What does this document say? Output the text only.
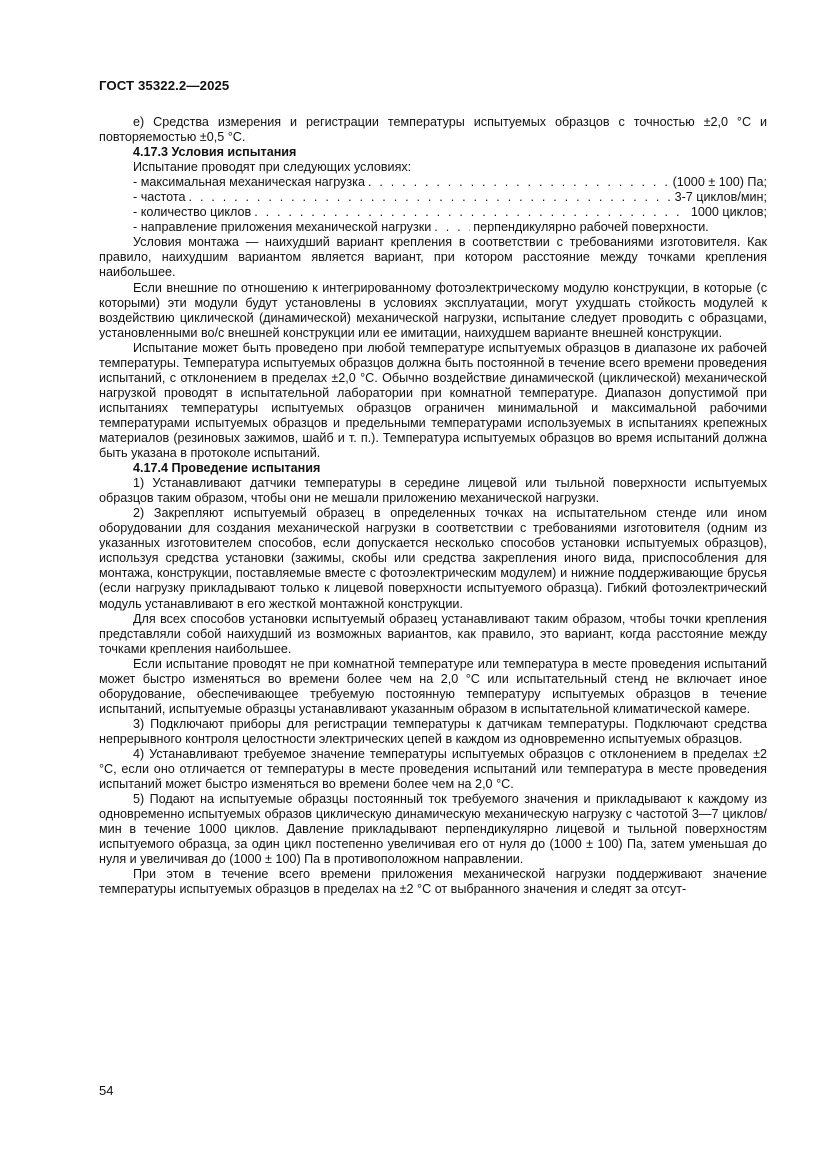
ГОСТ 35322.2—2025

е) Средства измерения и регистрации температуры испытуемых образцов с точностью ±2,0 °С и повторяемостью ±0,5 °С.

4.17.3 Условия испытания

Испытание проводят при следующих условиях:

- максимальная механическая нагрузка . . .	(1000 ± 100) Па;
- частота . . .	3-7 циклов/мин;
- количество циклов . . .	1000 циклов;
- направление приложения механической нагрузки . . .	перпендикулярно рабочей поверхности.

Условия монтажа — наихудший вариант крепления в соответствии с требованиями изготовителя. Как правило, наихудшим вариантом является вариант, при котором расстояние между точками крепления наибольшее.

Если внешние по отношению к интегрированному фотоэлектрическому модулю конструкции, в которые (с которыми) эти модули будут установлены в условиях эксплуатации, могут ухудшать стойкость модулей к воздействию циклической (динамической) механической нагрузки, испытание следует проводить с образцами, установленными во/с внешней конструкции или ее имитации, наихудшем варианте внешней конструкции.

Испытание может быть проведено при любой температуре испытуемых образцов в диапазоне их рабочей температуры. Температура испытуемых образцов должна быть постоянной в течение всего времени проведения испытаний, с отклонением в пределах ±2,0 °С. Обычно воздействие динамической (циклической) механической нагрузкой проводят в испытательной лаборатории при комнатной температуре. Диапазон допустимой при испытаниях температуры испытуемых образцов ограничен минимальной и максимальной рабочими температурами испытуемых образцов и предельными температурами используемых в испытаниях крепежных материалов (резиновых зажимов, шайб и т. п.). Температура испытуемых образцов во время испытаний должна быть указана в протоколе испытаний.

4.17.4 Проведение испытания

1) Устанавливают датчики температуры в середине лицевой или тыльной поверхности испытуемых образцов таким образом, чтобы они не мешали приложению механической нагрузки.

2) Закрепляют испытуемый образец в определенных точках на испытательном стенде или ином оборудовании для создания механической нагрузки в соответствии с требованиями изготовителя (одним из указанных изготовителем способов, если допускается несколько способов установки испытуемых образцов), используя средства установки (зажимы, скобы или средства закрепления иного вида, приспособления для монтажа, конструкции, поставляемые вместе с фотоэлектрическим модулем) и нижние поддерживающие брусья (если нагрузку прикладывают только к лицевой поверхности испытуемого образца). Гибкий фотоэлектрический модуль устанавливают в его жесткой монтажной конструкции.

Для всех способов установки испытуемый образец устанавливают таким образом, чтобы точки крепления представляли собой наихудший из возможных вариантов, как правило, это вариант, когда расстояние между точками крепления наибольшее.

Если испытание проводят не при комнатной температуре или температура в месте проведения испытаний может быстро изменяться во времени более чем на 2,0 °С или испытательный стенд не включает иное оборудование, обеспечивающее требуемую постоянную температуру испытуемых образцов в течение испытаний, испытуемые образцы устанавливают указанным образом в испытательной климатической камере.

3) Подключают приборы для регистрации температуры к датчикам температуры. Подключают средства непрерывного контроля целостности электрических цепей в каждом из одновременно испытуемых образцов.

4) Устанавливают требуемое значение температуры испытуемых образцов с отклонением в пределах ±2 °С, если оно отличается от температуры в месте проведения испытаний или температура в месте проведения испытаний может быстро изменяться во времени более чем на 2,0 °С.

5) Подают на испытуемые образцы постоянный ток требуемого значения и прикладывают к каждому из одновременно испытуемых образов циклическую динамическую механическую нагрузку с частотой 3—7 циклов/мин в течение 1000 циклов. Давление прикладывают перпендикулярно лицевой и тыльной поверхностям испытуемого образца, за один цикл постепенно увеличивая его от нуля до (1000 ± 100) Па, затем уменьшая до нуля и увеличивая до (1000 ± 100) Па в противоположном направлении.

При этом в течение всего времени приложения механической нагрузки поддерживают значение температуры испытуемых образцов в пределах на ±2 °С от выбранного значения и следят за отсут-

54
